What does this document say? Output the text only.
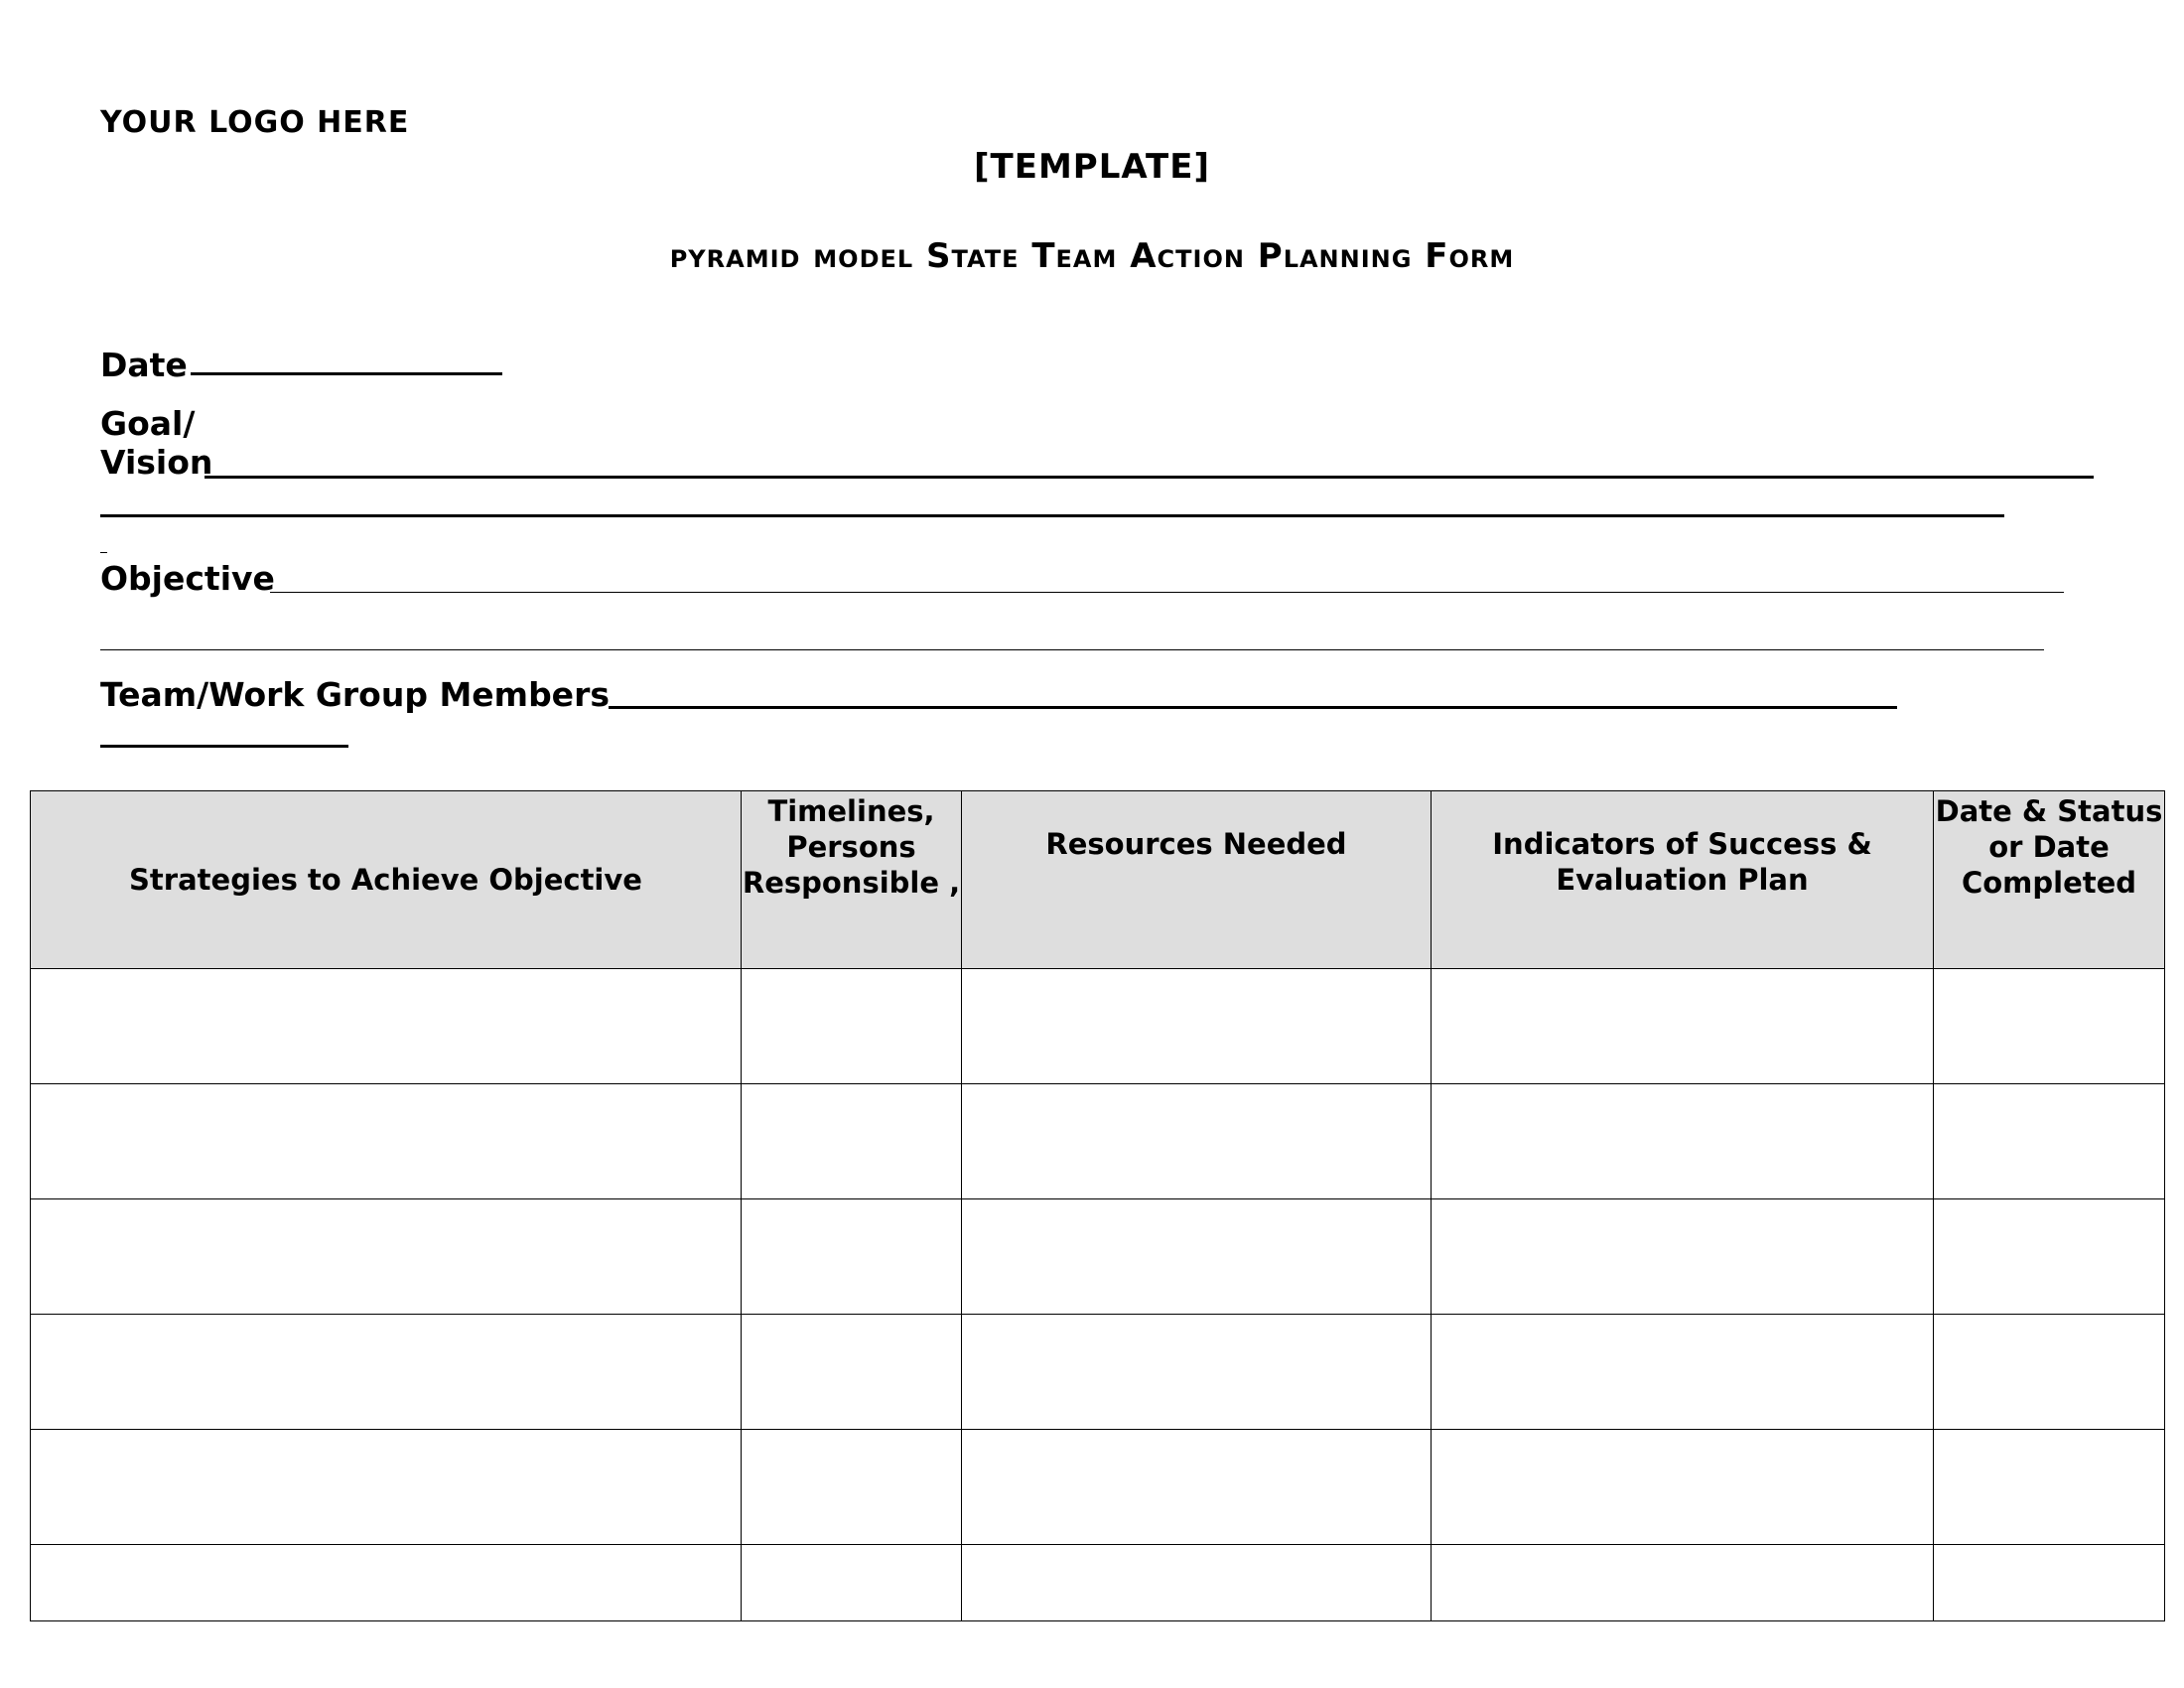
YOUR LOGO HERE
[TEMPLATE]
pyramid model State Team Action Planning Form
Date
Goal/
Vision
Objective
Team/Work Group Members
Strategies to Achieve Objective	Timelines, Persons Responsible ,	Resources Needed	Indicators of Success & Evaluation Plan	Date & Status or Date Completed
